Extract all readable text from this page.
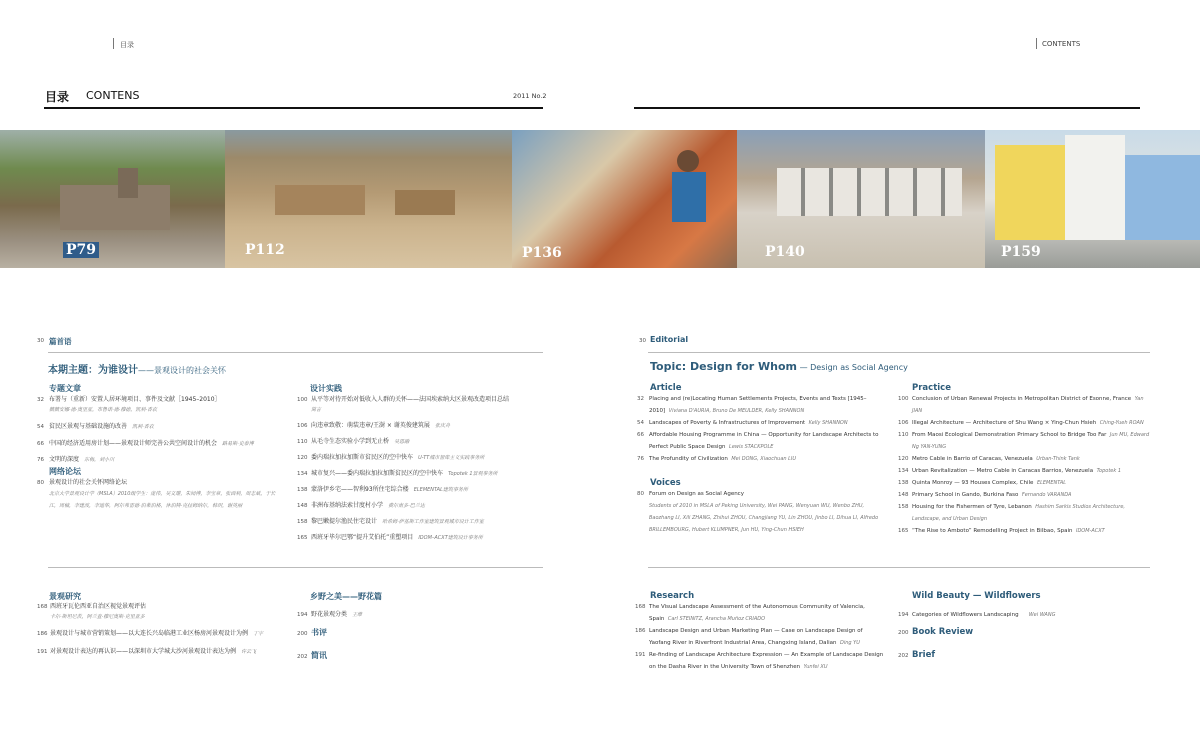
目录	CONTENTS
目录 CONTENS	2011 No.2
P79	P112	P136	P140	P159
30 篇首语
本期主题：为谁设计——景观设计的社会关怀
专题文章
32 布署与（重新）安置人居环境项目、事件及文献［1945–2010］
薇薇安娜·德·奥里亚，布鲁诺·德·穆德，凯利·香农
54 贫民区景观与基础设施的改善
凯利·香农
66 中国的经济适用房计划——景观设计师完善公共空间设计的机会
路易斯·史泰博
76 文明的深度
东梅，刘小川
网络论坛
80 景观设计的社会关怀网络论坛
北京大学景观设计学（MSLA）2010级学生：庞伟，吴文瓘，朱闻博，李宝章，张西利，周志斌，于长江，周楠，李建波，李迪华，阿尔弗雷德·伯莱伯格，休伯特·克拉姆纳尔，韩玥，谢英丽
设计实践
100 从平等对待开始对低收入人群的关怀——法国埃索纳大区景观改造项目总结
简言
106 向违章致敬：萌装违章/王澍 × 谢英俊建筑展
张庆舟
110 从毛寺生态实验小学到无止桥
吴恩融
120 委内瑞拉加拉加斯市贫民区的空中快车
U-TT城市智库主义实践事务所
134 城市复兴——委内瑞拉加拉加斯贫民区的空中快车
Topotek 1景观事务所
138 蒙洛伊乡宅——智利93所住宅综合楼
ELEMENTAL建筑事务所
148 非洲布基纳法索甘度村小学
费尔南多·巴兰达
158 黎巴嫩提尔渔民住宅设计
哈希姆·萨基斯工作室建筑景观城市设计工作室
165 西班牙毕尔巴鄂“提升艾伯托”重塑项目
IDOM–ACXT建筑设计事务所
景观研究
168 西班牙瓦伦西亚自治区视觉景观评估
卡尔·斯坦尼茨，阿兰查·穆尼奥斯·克里亚多
186 景观设计与城市营销策划——以大连长兴岛临港工业区杨房河景观设计为例
丁宇
191 对景观设计表达的再认识——以深圳市大学城大沙河景观设计表达为例
许云飞
乡野之美——野花篇
194 野花景观分类
王维
200 书评
202 简讯
30 Editorial
Topic: Design for Whom — Design as Social Agency
Article
32 Placing and (re)Locating Human Settlements Projects, Events and Texts [1945–2010] Viviana D'AURIA, Bruno De MEULDER, Kelly SHANNON
54 Landscapes of Poverty & Infrastructures of Improvement Kelly SHANNON
66 Affordable Housing Programme in China — Opportunity for Landscape Architects to Perfect Public Space Design Lewis STACKPOLE
76 The Profundity of Civilization Mei DONG, Xiaochuan LIU
Voices
80 Forum on Design as Social Agency
Students of 2010 in MSLA of Peking University, Wei PANG, Wenyuan WU, Wenbo ZHU, Baozhang LI, Xili ZHANG, Zhihui ZHOU, Changjiang YU, Lin ZHOU, Jinbo LI, Dihua LI, Alfredo BRILLEMBOURG, Hubert KLUMPNER, Jun HU, Ying-Chun HSIEH
Practice
100 Conclusion of Urban Renewal Projects in Metropolitan District of Esonne, France Yan JIAN
106 Illegal Architecture — Architecture of Shu Wang × Ying-Chun Hsieh Ching-Yueh ROAN
110 From Maosi Ecological Demonstration Primary School to Bridge Too Far Jun MU, Edward Ng YAN-YUNG
120 Metro Cable in Barrio of Caracas, Venezuela Urban-Think Tank
134 Urban Revitalization — Metro Cable in Caracas Barrios, Venezuela Topotek 1
138 Quinta Monroy — 93 Houses Complex, Chile ELEMENTAL
148 Primary School in Gando, Burkina Faso Fernando VARANDA
158 Housing for the Fishermen of Tyre, Lebanon Hashim Sarkis Studios Architecture, Landscape, and Urban Design
165 “The Rise to Amboto” Remodelling Project in Bilbao, Spain IDOM-ACXT
Research
168 The Visual Landscape Assessment of the Autonomous Community of Valencia, Spain Carl STEINITZ, Arancha Muñoz CRIADO
186 Landscape Design and Urban Marketing Plan — Case on Landscape Design of Yaofang River in Riverfront Industrial Area, Changxing Island, Dalian Ding YU
191 Re-finding of Landscape Architecture Expression — An Example of Landscape Design on the Dasha River in the University Town of Shenzhen Yunfei XU
Wild Beauty — Wildflowers
194 Categories of Wildflowers Landscaping
Wei WANG
200 Book Review
202 Brief
